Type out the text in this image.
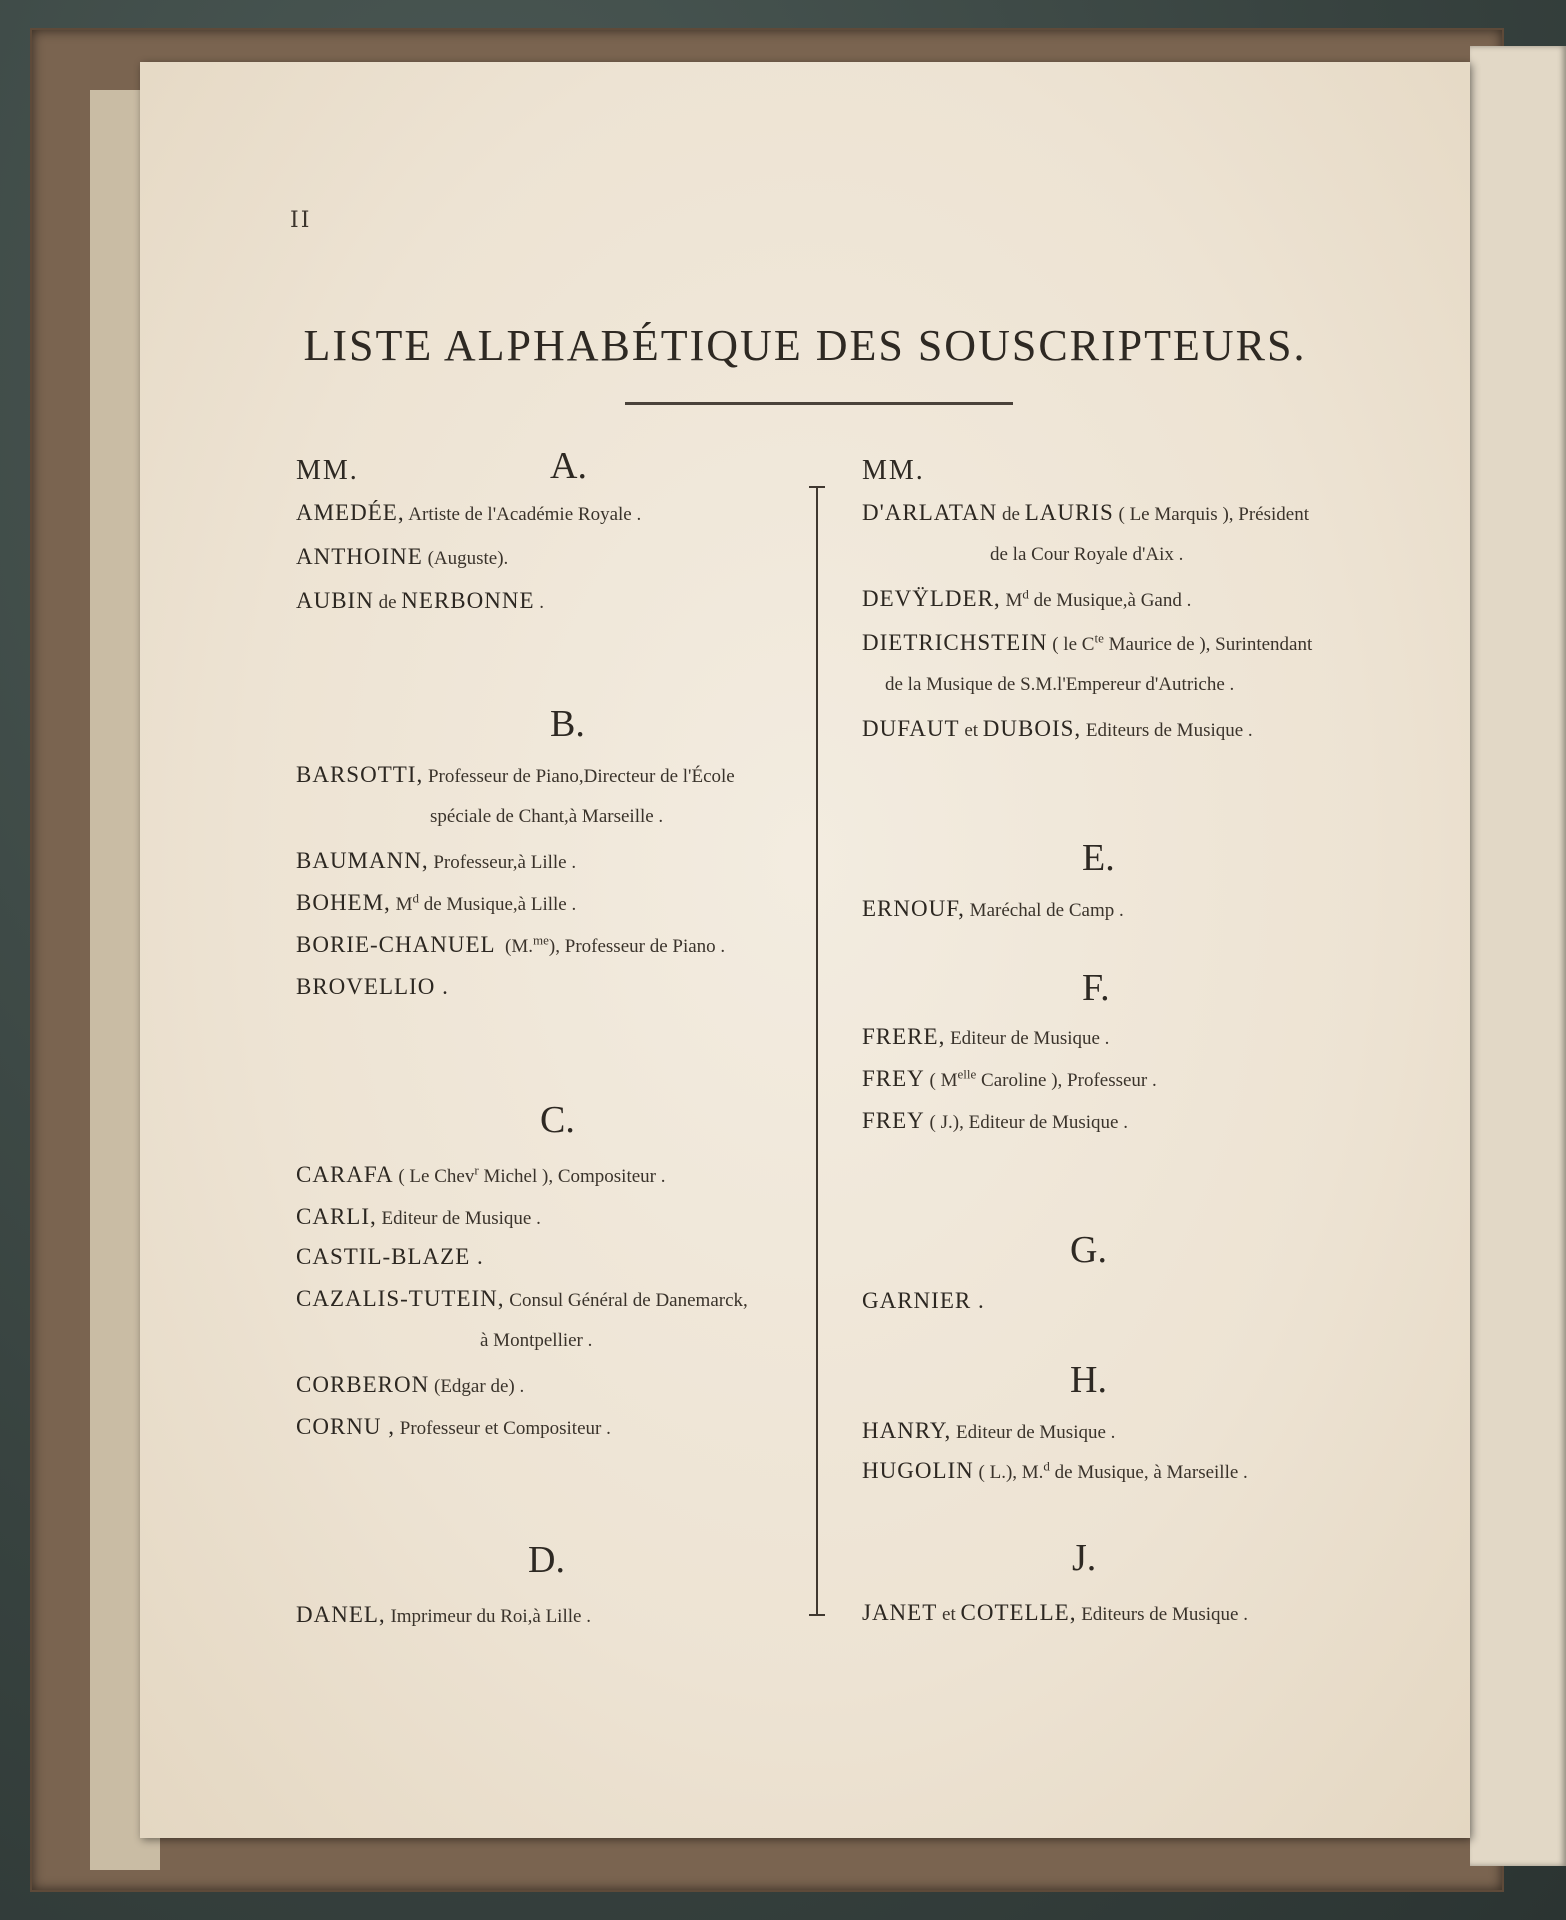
II
LISTE ALPHABÉTIQUE DES SOUSCRIPTEURS.
MM.	A.
AMEDÉE, Artiste de l'Académie Royale .
ANTHOINE (Auguste).
AUBIN de NERBONNE .
B.
BARSOTTI, Professeur de Piano,Directeur de l'École
spéciale de Chant,à Marseille .
BAUMANN, Professeur,à Lille .
BOHEM, $M^d$ de Musique,à Lille .
BORIE-CHANUEL (M.$^{me}$), Professeur de Piano .
BROVELLIO .
C.
CARAFA ( Le Chev$^r$ Michel ), Compositeur .
CARLI, Editeur de Musique .
CASTIL-BLAZE .
CAZALIS-TUTEIN, Consul Général de Danemarck,
à Montpellier .
CORBERON (Edgar de) .
CORNU , Professeur et Compositeur .
D.
DANEL, Imprimeur du Roi,à Lille .
MM.
D'ARLATAN de LAURIS ( Le Marquis ), Président
de la Cour Royale d'Aix .
DEVŸLDER, $M^d$ de Musique,à Gand .
DIETRICHSTEIN ( le $C^{te}$ Maurice de ), Surintendant
de la Musique de S.M.l'Empereur d'Autriche .
DUFAUT et DUBOIS, Editeurs de Musique .
E.
ERNOUF, Maréchal de Camp .
F.
FRERE, Editeur de Musique .
FREY ( $M^{elle}$ Caroline ), Professeur .
FREY ( J.), Editeur de Musique .
G.
GARNIER .
H.
HANRY, Editeur de Musique .
HUGOLIN ( L.), M.$^d$ de Musique, à Marseille .
J.
JANET et COTELLE, Editeurs de Musique .
